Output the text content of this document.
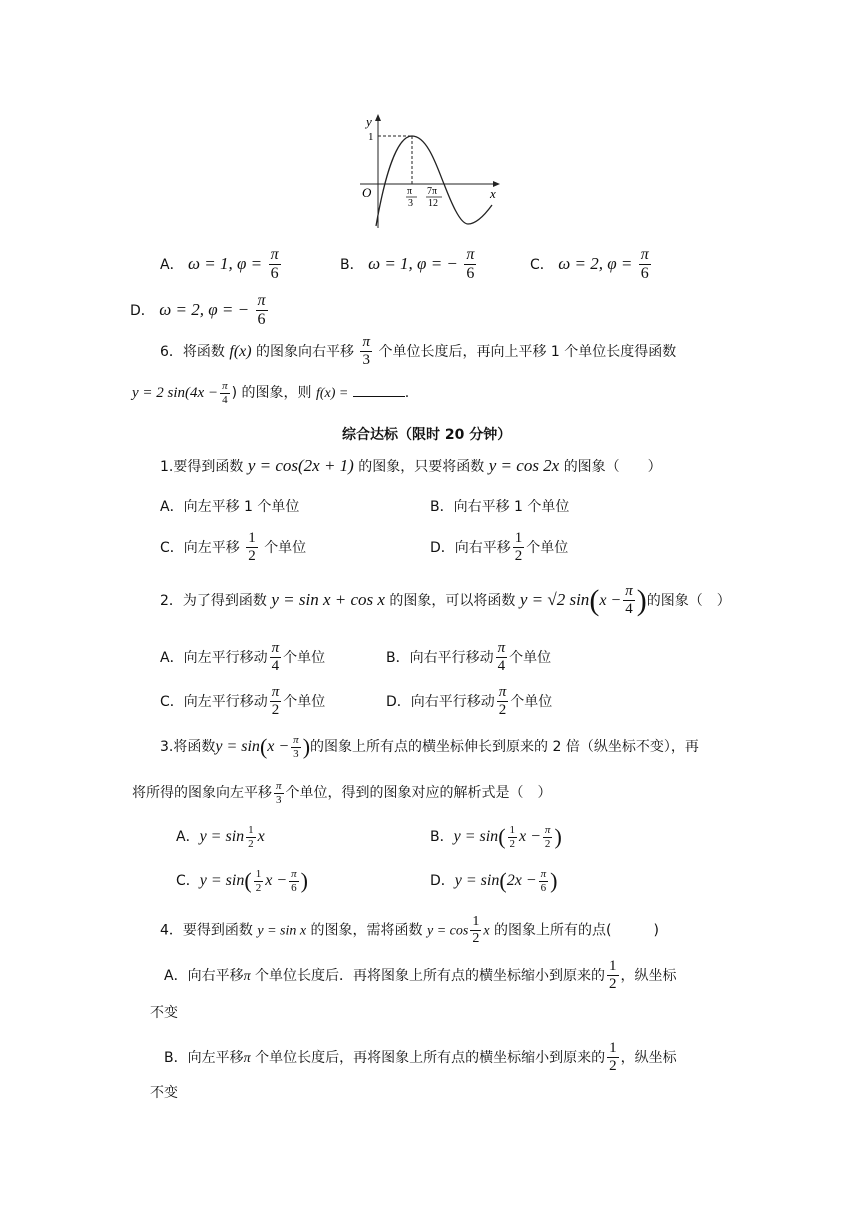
y
x
O
1
π
3
7π
12
A． ω = 1, $\varphi = \frac{\pi}{6}$	B． ω = 1, φ = − $\frac{\pi}{6}$	C． ω = 2, $\varphi = \frac{\pi}{6}$
D． ω = 2, φ = − $\frac{\pi}{6}$
6．将函数 f(x) 的图象向右平移 $\frac{\pi}{3}$ 个单位长度后，再向上平移 1 个单位长度得函数
y = 2 $\sin(4x - \frac{\pi}{4}$ ) 的图象，则 f(x) =	.
综合达标（限时 20 分钟）
1.要得到函数 y = cos(2x + 1) 的图象，只要将函数 y = cos 2x 的图象（　　）
A．向左平移 1 个单位	B．向右平移 1 个单位
C．向左平移 $\frac{1}{2}$ 个单位	D．向右平移 $\frac{1}{2}$ 个单位
2．为了得到函数 y = sin x + cos x 的图象，可以将函数 y = √2 $\sin(x - \frac{\pi}{4}$ )的图象（　）
A．向左平行移动 $\frac{\pi}{4}$ 个单位	B．向右平行移动 $\frac{\pi}{4}$ 个单位
C．向左平行移动 $\frac{\pi}{2}$ 个单位	D．向右平行移动 $\frac{\pi}{2}$ 个单位
3.将函数$y = \sin(x - \frac{\pi}{3}$ )的图象上所有点的横坐标伸长到原来的 2 倍（纵坐标不变），再
将所得的图象向左平移 $\frac{\pi}{3}$ 个单位，得到的图象对应的解析式是（　）
A．$y = \sin \frac{1}{2}$ x	B．$y = \sin( \frac{1}{2}$ $x - \frac{\pi}{2}$ )
C．$y = \sin( \frac{1}{2}$ $x - \frac{\pi}{6}$ )	D．$y = \sin(2x - \frac{\pi}{6}$ )
4．要得到函数 y = sin x 的图象，需将函数 $y = \cos \frac{1}{2}$ x 的图象上所有的点(　　　)
A．向右平移π 个单位长度后．再将图象上所有点的横坐标缩小到原来的 $\frac{1}{2}$ ，纵坐标
不变
B．向左平移π 个单位长度后，再将图象上所有点的横坐标缩小到原来的 $\frac{1}{2}$ ，纵坐标
不变
